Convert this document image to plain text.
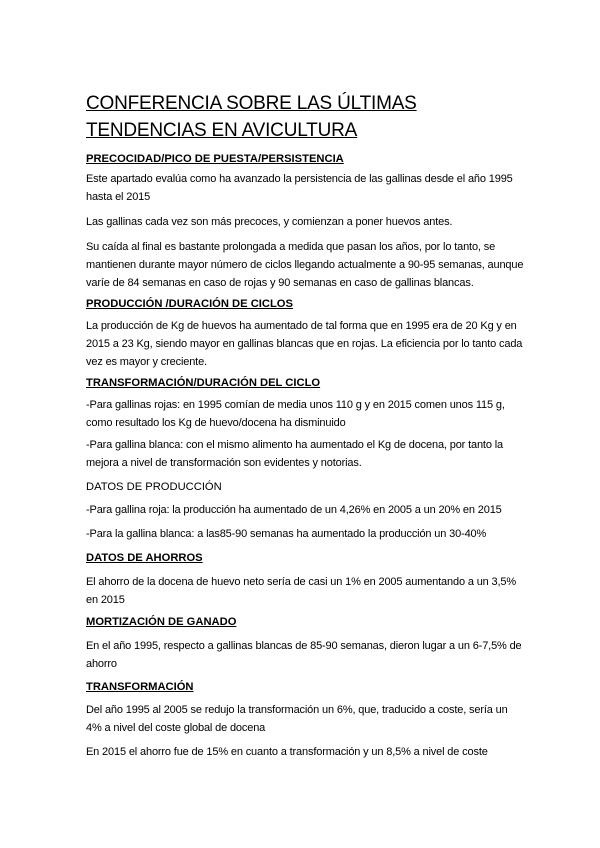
CONFERENCIA SOBRE LAS ÚLTIMAS TENDENCIAS EN AVICULTURA
PRECOCIDAD/PICO DE PUESTA/PERSISTENCIA
Este apartado evalúa como ha avanzado la persistencia de las gallinas desde el año 1995 hasta el 2015
Las gallinas cada vez son más precoces, y comienzan a poner huevos antes.
Su caída al final es bastante prolongada a medida que pasan los años, por lo tanto, se mantienen durante mayor número de ciclos llegando actualmente a 90-95 semanas, aunque varíe de 84 semanas en caso de rojas y 90 semanas en caso de gallinas blancas.
PRODUCCIÓN /DURACIÓN DE CICLOS
La producción de Kg de huevos ha aumentado de tal forma que en 1995 era de 20 Kg y en 2015 a 23 Kg, siendo mayor en gallinas blancas que en rojas. La eficiencia por lo tanto cada vez es mayor y creciente.
TRANSFORMACIÓN/DURACIÓN DEL CICLO
-Para gallinas rojas: en 1995 comían de media unos 110 g y en 2015 comen unos 115 g, como resultado los Kg de huevo/docena ha disminuido
-Para gallina blanca: con el mismo alimento ha aumentado el Kg de docena, por tanto la mejora a nivel de transformación son evidentes y notorias.
DATOS DE PRODUCCIÓN
-Para gallina roja: la producción ha aumentado de un 4,26% en 2005 a un 20% en 2015
-Para la gallina blanca: a las85-90 semanas ha aumentado la producción un 30-40%
DATOS DE AHORROS
El ahorro de la docena de huevo neto sería de casi un 1% en 2005 aumentando a un 3,5% en 2015
MORTIZACIÓN DE GANADO
En el año 1995, respecto a gallinas blancas de 85-90 semanas, dieron lugar a un 6-7,5% de ahorro
TRANSFORMACIÓN
Del año 1995 al 2005 se redujo la transformación un 6%, que, traducido a coste, sería un 4% a nivel del coste global de docena
En 2015 el ahorro fue de 15% en cuanto a transformación y un 8,5% a nivel de coste
